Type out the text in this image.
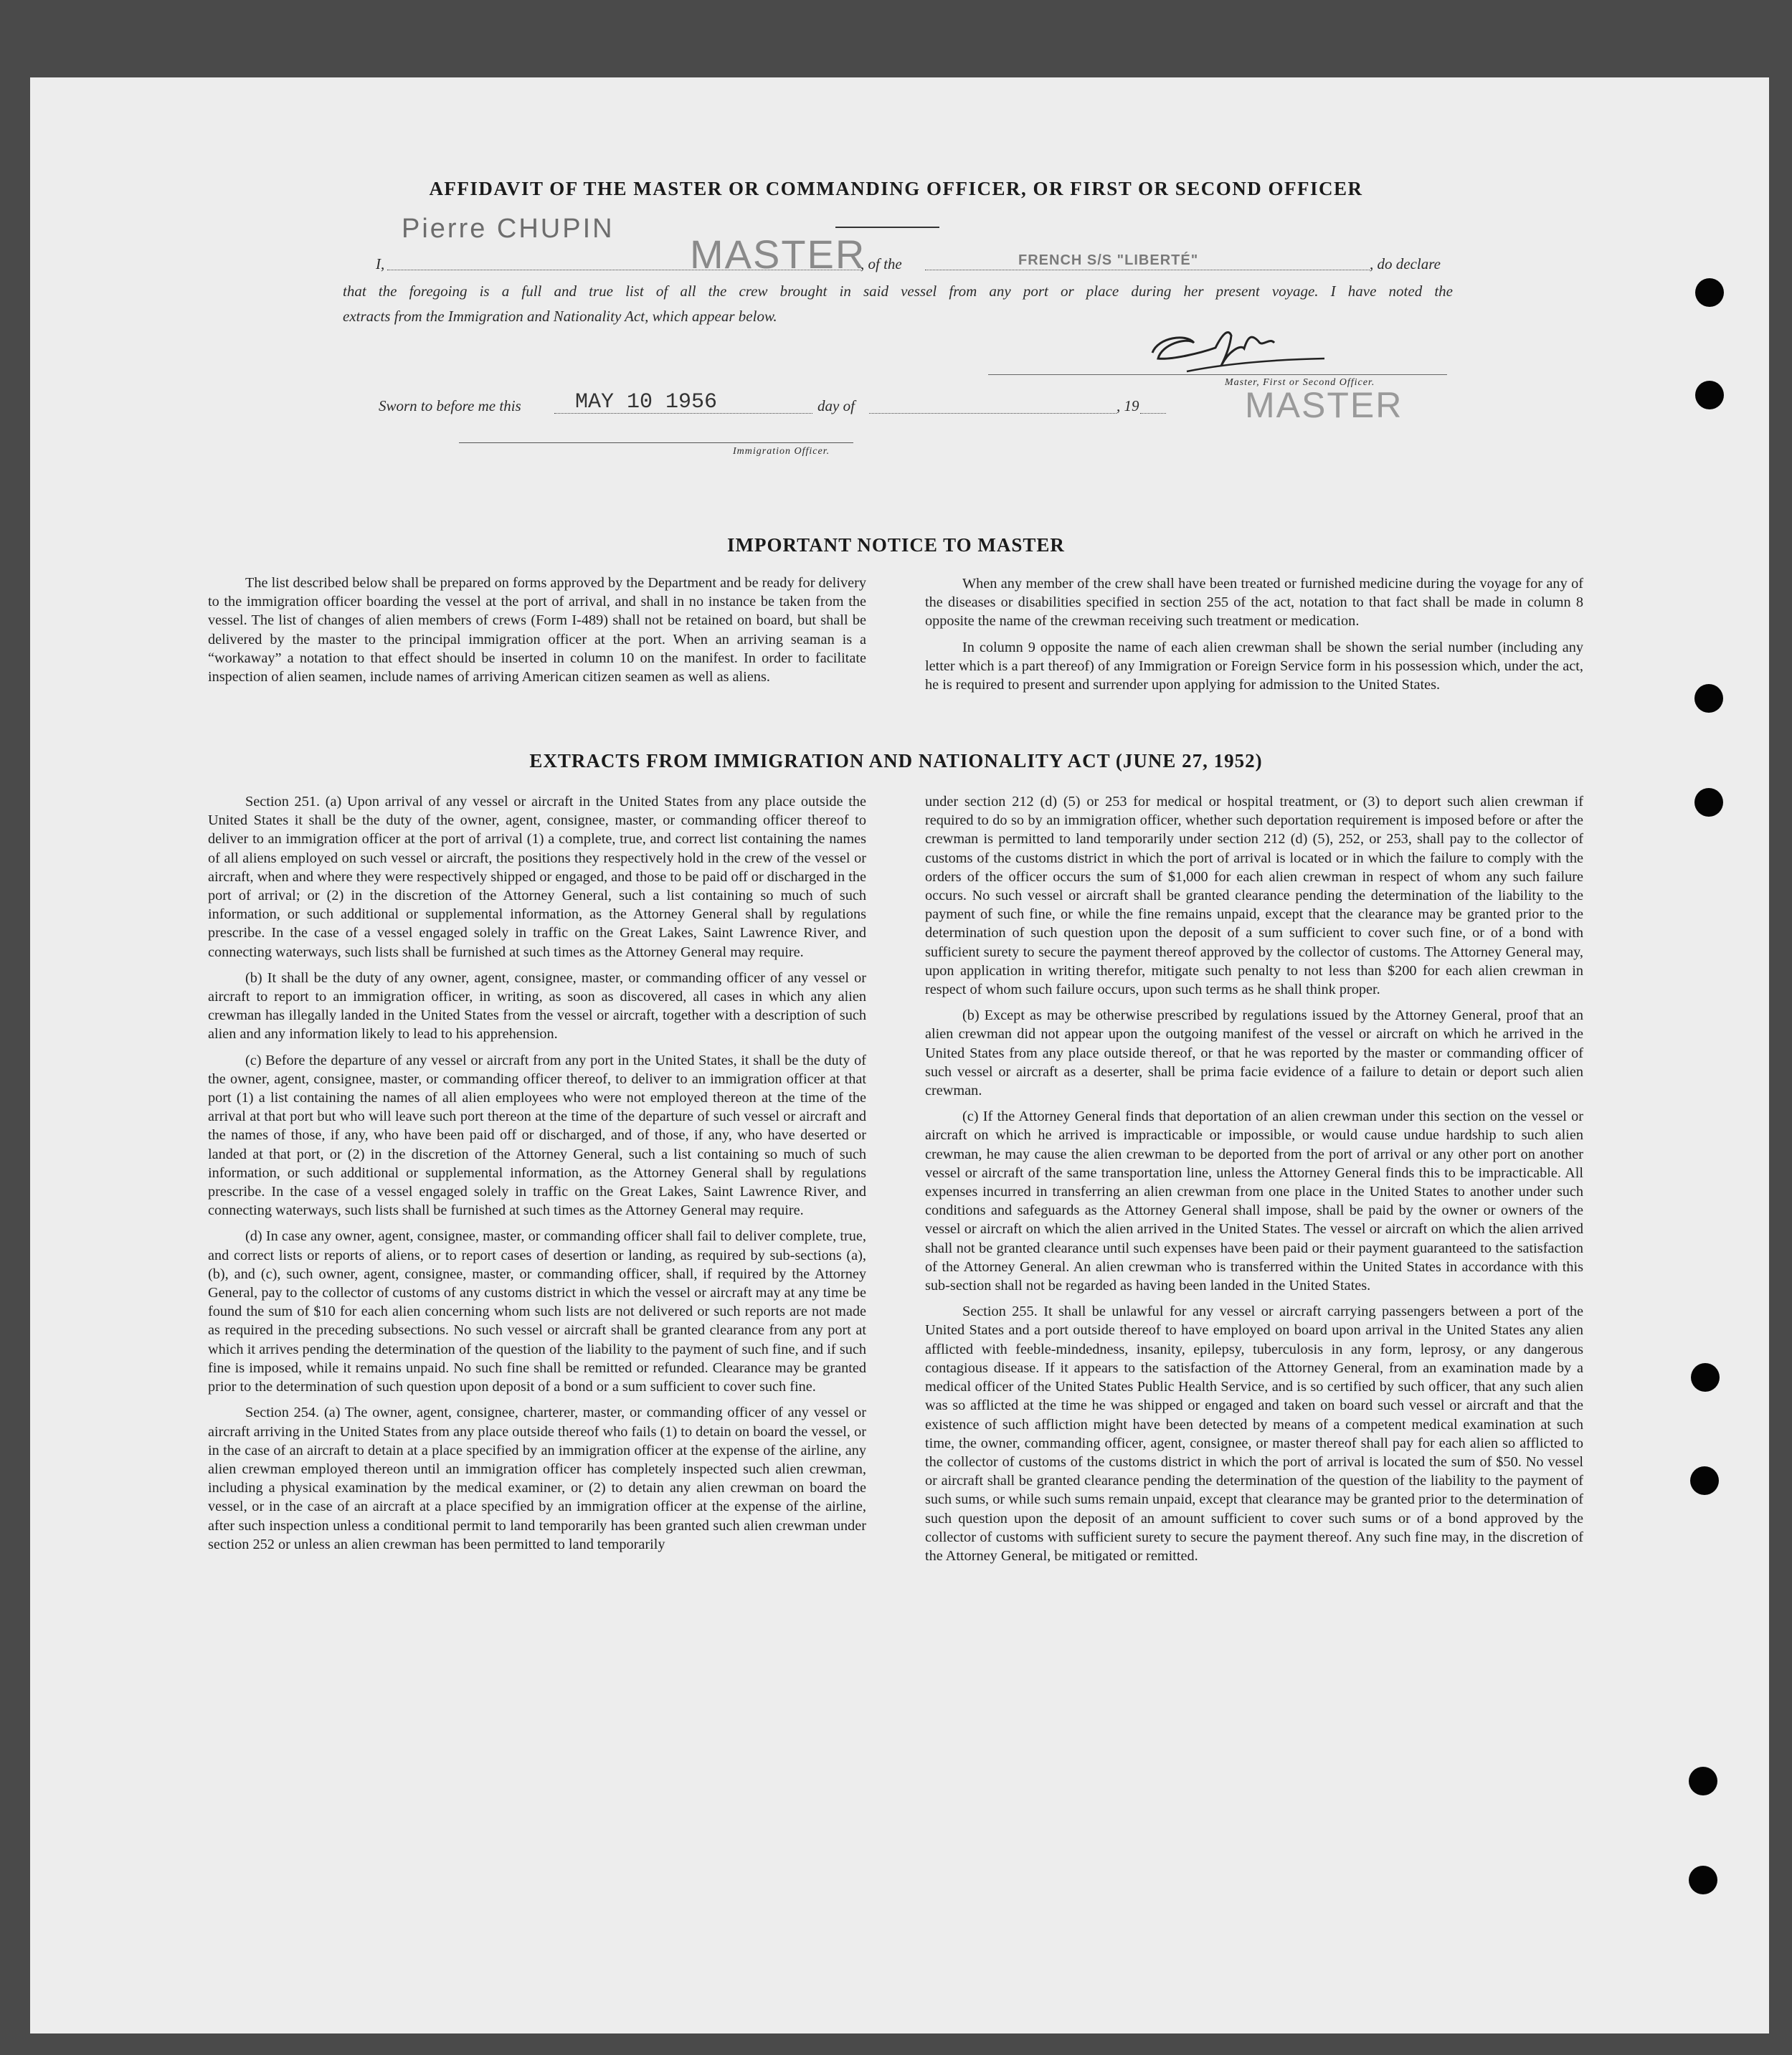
AFFIDAVIT OF THE MASTER OR COMMANDING OFFICER, OR FIRST OR SECOND OFFICER
I,
Pierre CHUPIN
MASTER
, of the	FRENCH S/S "LIBERTÉ"	, do declare
that the foregoing is a full and true list of all the crew brought in said vessel from any port or place during her present voyage. I have noted the
extracts from the Immigration and Nationality Act, which appear below.
Master, First or Second Officer.
Sworn to before me this	MAY 10 1956	day of	, 19	MASTER
Immigration Officer.
IMPORTANT NOTICE TO MASTER

The list described below shall be prepared on forms approved by the Department and be ready for delivery to the immigration officer boarding the vessel at the port of arrival, and shall in no instance be taken from the vessel. The list of changes of alien members of crews (Form I-489) shall not be retained on board, but shall be delivered by the master to the principal immigration officer at the port. When an arriving seaman is a “workaway” a notation to that effect should be inserted in column 10 on the manifest. In order to facilitate inspection of alien seamen, include names of arriving American citizen seamen as well as aliens.

When any member of the crew shall have been treated or furnished medicine during the voyage for any of the diseases or disabilities specified in section 255 of the act, notation to that fact shall be made in column 8 opposite the name of the crewman receiving such treatment or medication.

In column 9 opposite the name of each alien crewman shall be shown the serial number (including any letter which is a part thereof) of any Immigration or Foreign Service form in his possession which, under the act, he is required to present and surrender upon applying for admission to the United States.

EXTRACTS FROM IMMIGRATION AND NATIONALITY ACT (JUNE 27, 1952)

Section 251. (a) Upon arrival of any vessel or aircraft in the United States from any place outside the United States it shall be the duty of the owner, agent, consignee, master, or commanding officer thereof to deliver to an immigration officer at the port of arrival (1) a complete, true, and correct list containing the names of all aliens employed on such vessel or aircraft, the positions they respectively hold in the crew of the vessel or aircraft, when and where they were respectively shipped or engaged, and those to be paid off or discharged in the port of arrival; or (2) in the discretion of the Attorney General, such a list containing so much of such information, or such additional or supplemental information, as the Attorney General shall by regulations prescribe. In the case of a vessel engaged solely in traffic on the Great Lakes, Saint Lawrence River, and connecting waterways, such lists shall be furnished at such times as the Attorney General may require.

(b) It shall be the duty of any owner, agent, consignee, master, or commanding officer of any vessel or aircraft to report to an immigration officer, in writing, as soon as discovered, all cases in which any alien crewman has illegally landed in the United States from the vessel or aircraft, together with a description of such alien and any information likely to lead to his apprehension.

(c) Before the departure of any vessel or aircraft from any port in the United States, it shall be the duty of the owner, agent, consignee, master, or commanding officer thereof, to deliver to an immigration officer at that port (1) a list containing the names of all alien employees who were not employed thereon at the time of the arrival at that port but who will leave such port thereon at the time of the departure of such vessel or aircraft and the names of those, if any, who have been paid off or discharged, and of those, if any, who have deserted or landed at that port, or (2) in the discretion of the Attorney General, such a list containing so much of such information, or such additional or supplemental information, as the Attorney General shall by regulations prescribe. In the case of a vessel engaged solely in traffic on the Great Lakes, Saint Lawrence River, and connecting waterways, such lists shall be furnished at such times as the Attorney General may require.

(d) In case any owner, agent, consignee, master, or commanding officer shall fail to deliver complete, true, and correct lists or reports of aliens, or to report cases of desertion or landing, as required by sub-sections (a), (b), and (c), such owner, agent, consignee, master, or commanding officer, shall, if required by the Attorney General, pay to the collector of customs of any customs district in which the vessel or aircraft may at any time be found the sum of $10 for each alien concerning whom such lists are not delivered or such reports are not made as required in the preceding subsections. No such vessel or aircraft shall be granted clearance from any port at which it arrives pending the determination of the question of the liability to the payment of such fine, and if such fine is imposed, while it remains unpaid. No such fine shall be remitted or refunded. Clearance may be granted prior to the determination of such question upon deposit of a bond or a sum sufficient to cover such fine.

Section 254. (a) The owner, agent, consignee, charterer, master, or commanding officer of any vessel or aircraft arriving in the United States from any place outside thereof who fails (1) to detain on board the vessel, or in the case of an aircraft to detain at a place specified by an immigration officer at the expense of the airline, any alien crewman employed thereon until an immigration officer has completely inspected such alien crewman, including a physical examination by the medical examiner, or (2) to detain any alien crewman on board the vessel, or in the case of an aircraft at a place specified by an immigration officer at the expense of the airline, after such inspection unless a conditional permit to land temporarily has been granted such alien crewman under section 252 or unless an alien crewman has been permitted to land temporarily

under section 212 (d) (5) or 253 for medical or hospital treatment, or (3) to deport such alien crewman if required to do so by an immigration officer, whether such deportation requirement is imposed before or after the crewman is permitted to land temporarily under section 212 (d) (5), 252, or 253, shall pay to the collector of customs of the customs district in which the port of arrival is located or in which the failure to comply with the orders of the officer occurs the sum of $1,000 for each alien crewman in respect of whom any such failure occurs. No such vessel or aircraft shall be granted clearance pending the determination of the liability to the payment of such fine, or while the fine remains unpaid, except that the clearance may be granted prior to the determination of such question upon the deposit of a sum sufficient to cover such fine, or of a bond with sufficient surety to secure the payment thereof approved by the collector of customs. The Attorney General may, upon application in writing therefor, mitigate such penalty to not less than $200 for each alien crewman in respect of whom such failure occurs, upon such terms as he shall think proper.

(b) Except as may be otherwise prescribed by regulations issued by the Attorney General, proof that an alien crewman did not appear upon the outgoing manifest of the vessel or aircraft on which he arrived in the United States from any place outside thereof, or that he was reported by the master or commanding officer of such vessel or aircraft as a deserter, shall be prima facie evidence of a failure to detain or deport such alien crewman.

(c) If the Attorney General finds that deportation of an alien crewman under this section on the vessel or aircraft on which he arrived is impracticable or impossible, or would cause undue hardship to such alien crewman, he may cause the alien crewman to be deported from the port of arrival or any other port on another vessel or aircraft of the same transportation line, unless the Attorney General finds this to be impracticable. All expenses incurred in transferring an alien crewman from one place in the United States to another under such conditions and safeguards as the Attorney General shall impose, shall be paid by the owner or owners of the vessel or aircraft on which the alien arrived in the United States. The vessel or aircraft on which the alien arrived shall not be granted clearance until such expenses have been paid or their payment guaranteed to the satisfaction of the Attorney General. An alien crewman who is transferred within the United States in accordance with this sub-section shall not be regarded as having been landed in the United States.

Section 255. It shall be unlawful for any vessel or aircraft carrying passengers between a port of the United States and a port outside thereof to have employed on board upon arrival in the United States any alien afflicted with feeble-mindedness, insanity, epilepsy, tuberculosis in any form, leprosy, or any dangerous contagious disease. If it appears to the satisfaction of the Attorney General, from an examination made by a medical officer of the United States Public Health Service, and is so certified by such officer, that any such alien was so afflicted at the time he was shipped or engaged and taken on board such vessel or aircraft and that the existence of such affliction might have been detected by means of a competent medical examination at such time, the owner, commanding officer, agent, consignee, or master thereof shall pay for each alien so afflicted to the collector of customs of the customs district in which the port of arrival is located the sum of $50. No vessel or aircraft shall be granted clearance pending the determination of the question of the liability to the payment of such sums, or while such sums remain unpaid, except that clearance may be granted prior to the determination of such question upon the deposit of an amount sufficient to cover such sums or of a bond approved by the collector of customs with sufficient surety to secure the payment thereof. Any such fine may, in the discretion of the Attorney General, be mitigated or remitted.
